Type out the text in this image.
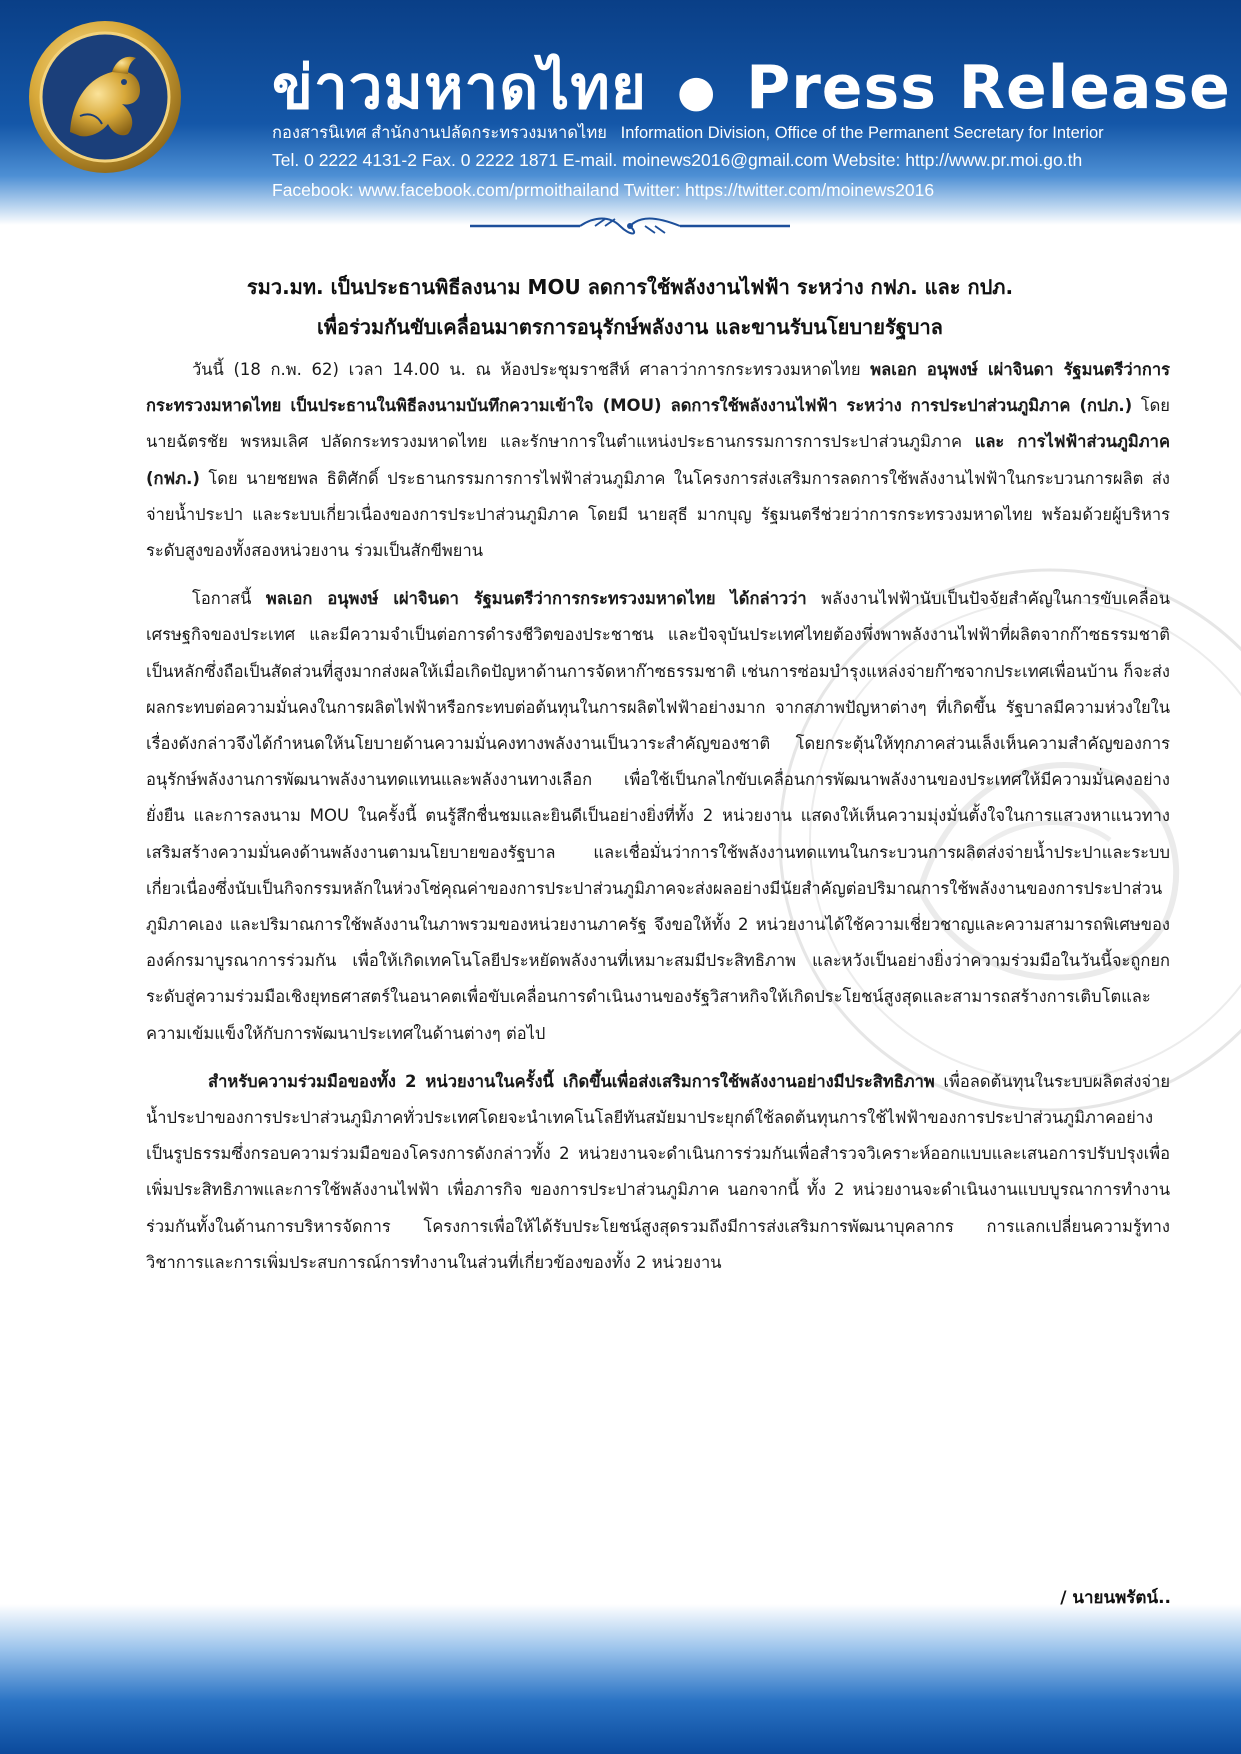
ข่าวมหาดไทย ● Press Release
กองสารนิเทศ สำนักงานปลัดกระทรวงมหาดไทย Information Division, Office of the Permanent Secretary for Interior
Tel. 0 2222 4131-2 Fax. 0 2222 1871 E-mail. moinews2016@gmail.com Website: http://www.pr.moi.go.th
Facebook: www.facebook.com/prmoithailand Twitter: https://twitter.com/moinews2016
รมว.มท. เป็นประธานพิธีลงนาม MOU ลดการใช้พลังงานไฟฟ้า ระหว่าง กฟภ. และ กปภ.
เพื่อร่วมกันขับเคลื่อนมาตรการอนุรักษ์พลังงาน และขานรับนโยบายรัฐบาล

วันนี้ (18 ก.พ. 62) เวลา 14.00 น. ณ ห้องประชุมราชสีห์ ศาลาว่าการกระทรวงมหาดไทย พลเอก อนุพงษ์ เผ่าจินดา รัฐมนตรีว่าการกระทรวงมหาดไทย เป็นประธานในพิธีลงนามบันทึกความเข้าใจ (MOU) ลดการใช้พลังงานไฟฟ้า ระหว่าง การประปาส่วนภูมิภาค (กปภ.) โดย นายฉัตรชัย พรหมเลิศ ปลัดกระทรวงมหาดไทย และรักษาการในตำแหน่งประธานกรรมการการประปาส่วนภูมิภาค และ การไฟฟ้าส่วนภูมิภาค (กฟภ.) โดย นายชยพล ธิติศักดิ์ ประธานกรรมการการไฟฟ้าส่วนภูมิภาค ในโครงการส่งเสริมการลดการใช้พลังงานไฟฟ้าในกระบวนการผลิต ส่งจ่ายน้ำประปา และระบบเกี่ยวเนื่องของการประปาส่วนภูมิภาค โดยมี นายสุธี มากบุญ รัฐมนตรีช่วยว่าการกระทรวงมหาดไทย พร้อมด้วยผู้บริหารระดับสูงของทั้งสองหน่วยงาน ร่วมเป็นสักขีพยาน

โอกาสนี้ พลเอก อนุพงษ์ เผ่าจินดา รัฐมนตรีว่าการกระทรวงมหาดไทย ได้กล่าวว่า พลังงานไฟฟ้านับเป็นปัจจัยสำคัญในการขับเคลื่อนเศรษฐกิจของประเทศ และมีความจำเป็นต่อการดำรงชีวิตของประชาชน และปัจจุบันประเทศไทยต้องพึ่งพาพลังงานไฟฟ้าที่ผลิตจากก๊าซธรรมชาติเป็นหลักซึ่งถือเป็นสัดส่วนที่สูงมากส่งผลให้เมื่อเกิดปัญหาด้านการจัดหาก๊าซธรรมชาติ เช่นการซ่อมบำรุงแหล่งจ่ายก๊าซจากประเทศเพื่อนบ้าน ก็จะส่งผลกระทบต่อความมั่นคงในการผลิตไฟฟ้าหรือกระทบต่อต้นทุนในการผลิตไฟฟ้าอย่างมาก จากสภาพปัญหาต่างๆ ที่เกิดขึ้น รัฐบาลมีความห่วงใยในเรื่องดังกล่าวจึงได้กำหนดให้นโยบายด้านความมั่นคงทางพลังงานเป็นวาระสำคัญของชาติ โดยกระตุ้นให้ทุกภาคส่วนเล็งเห็นความสำคัญของการอนุรักษ์พลังงานการพัฒนาพลังงานทดแทนและพลังงานทางเลือก เพื่อใช้เป็นกลไกขับเคลื่อนการพัฒนาพลังงานของประเทศให้มีความมั่นคงอย่างยั่งยืน และการลงนาม MOU ในครั้งนี้ ตนรู้สึกชื่นชมและยินดีเป็นอย่างยิ่งที่ทั้ง 2 หน่วยงาน แสดงให้เห็นความมุ่งมั่นตั้งใจในการแสวงหาแนวทางเสริมสร้างความมั่นคงด้านพลังงานตามนโยบายของรัฐบาล และเชื่อมั่นว่าการใช้พลังงานทดแทนในกระบวนการผลิตส่งจ่ายน้ำประปาและระบบเกี่ยวเนื่องซึ่งนับเป็นกิจกรรมหลักในห่วงโซ่คุณค่าของการประปาส่วนภูมิภาคจะส่งผลอย่างมีนัยสำคัญต่อปริมาณการใช้พลังงานของการประปาส่วนภูมิภาคเอง และปริมาณการใช้พลังงานในภาพรวมของหน่วยงานภาครัฐ จึงขอให้ทั้ง 2 หน่วยงานได้ใช้ความเชี่ยวชาญและความสามารถพิเศษขององค์กรมาบูรณาการร่วมกัน เพื่อให้เกิดเทคโนโลยีประหยัดพลังงานที่เหมาะสมมีประสิทธิภาพ และหวังเป็นอย่างยิ่งว่าความร่วมมือในวันนี้จะถูกยกระดับสู่ความร่วมมือเชิงยุทธศาสตร์ในอนาคตเพื่อขับเคลื่อนการดำเนินงานของรัฐวิสาหกิจให้เกิดประโยชน์สูงสุดและสามารถสร้างการเติบโตและความเข้มแข็งให้กับการพัฒนาประเทศในด้านต่างๆ ต่อไป

สำหรับความร่วมมือของทั้ง 2 หน่วยงานในครั้งนี้ เกิดขึ้นเพื่อส่งเสริมการใช้พลังงานอย่างมีประสิทธิภาพ เพื่อลดต้นทุนในระบบผลิตส่งจ่ายน้ำประปาของการประปาส่วนภูมิภาคทั่วประเทศโดยจะนำเทคโนโลยีทันสมัยมาประยุกต์ใช้ลดต้นทุนการใช้ไฟฟ้าของการประปาส่วนภูมิภาคอย่างเป็นรูปธรรมซึ่งกรอบความร่วมมือของโครงการดังกล่าวทั้ง 2 หน่วยงานจะดำเนินการร่วมกันเพื่อสำรวจวิเคราะห์ออกแบบและเสนอการปรับปรุงเพื่อเพิ่มประสิทธิภาพและการใช้พลังงานไฟฟ้า เพื่อภารกิจ ของการประปาส่วนภูมิภาค นอกจากนี้ ทั้ง 2 หน่วยงานจะดำเนินงานแบบบูรณาการทำงานร่วมกันทั้งในด้านการบริหารจัดการ โครงการเพื่อให้ได้รับประโยชน์สูงสุดรวมถึงมีการส่งเสริมการพัฒนาบุคลากร การแลกเปลี่ยนความรู้ทางวิชาการและการเพิ่มประสบการณ์การทำงานในส่วนที่เกี่ยวข้องของทั้ง 2 หน่วยงาน

/ นายนพรัตน์..
